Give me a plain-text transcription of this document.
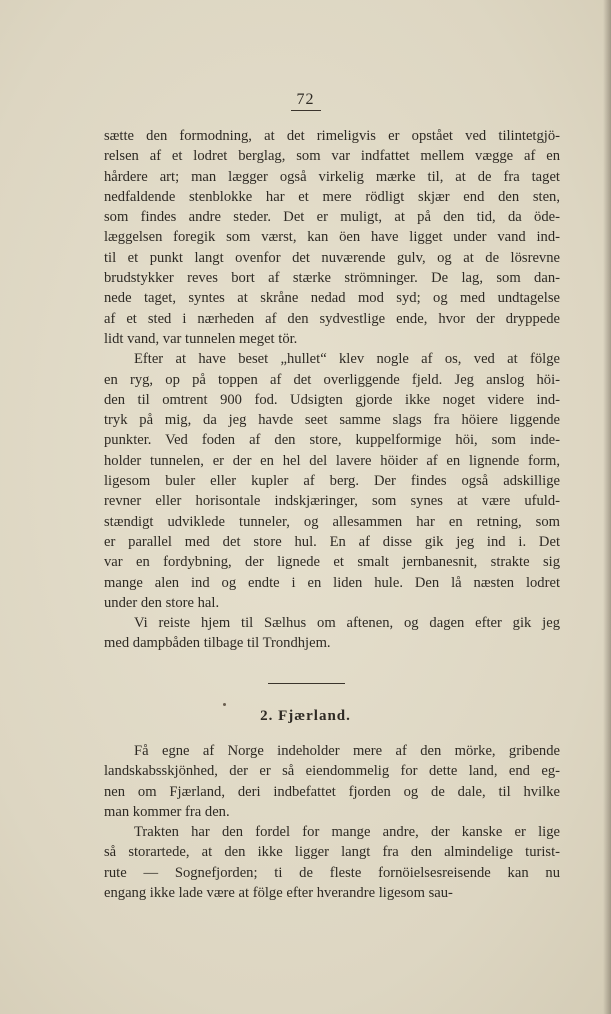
72
sætte den formodning, at det rimeligvis er opstået ved tilintetgjö-
relsen af et lodret berglag, som var indfattet mellem vægge af en
hårdere art; man lægger også virkelig mærke til, at de fra taget
nedfaldende stenblokke har et mere rödligt skjær end den sten,
som findes andre steder. Det er muligt, at på den tid, da öde-
læggelsen foregik som værst, kan öen have ligget under vand ind-
til et punkt langt ovenfor det nuværende gulv, og at de lösrevne
brudstykker reves bort af stærke strömninger. De lag, som dan-
nede taget, syntes at skråne nedad mod syd; og med undtagelse
af et sted i nærheden af den sydvestlige ende, hvor der dryppede
lidt vand, var tunnelen meget tör.
Efter at have beset „hullet“ klev nogle af os, ved at fölge
en ryg, op på toppen af det overliggende fjeld. Jeg anslog höi-
den til omtrent 900 fod. Udsigten gjorde ikke noget videre ind-
tryk på mig, da jeg havde seet samme slags fra höiere liggende
punkter. Ved foden af den store, kuppelformige höi, som inde-
holder tunnelen, er der en hel del lavere höider af en lignende form,
ligesom buler eller kupler af berg. Der findes også adskillige
revner eller horisontale indskjæringer, som synes at være ufuld-
stændigt udviklede tunneler, og allesammen har en retning, som
er parallel med det store hul. En af disse gik jeg ind i. Det
var en fordybning, der lignede et smalt jernbanesnit, strakte sig
mange alen ind og endte i en liden hule. Den lå næsten lodret
under den store hal.
Vi reiste hjem til Sælhus om aftenen, og dagen efter gik jeg
med dampbåden tilbage til Trondhjem.
2. Fjærland.
Få egne af Norge indeholder mere af den mörke, gribende
landskabsskjönhed, der er så eiendommelig for dette land, end eg-
nen om Fjærland, deri indbefattet fjorden og de dale, til hvilke
man kommer fra den.
Trakten har den fordel for mange andre, der kanske er lige
så storartede, at den ikke ligger langt fra den almindelige turist-
rute — Sognefjorden; ti de fleste fornöielsesreisende kan nu
engang ikke lade være at fölge efter hverandre ligesom sau-
